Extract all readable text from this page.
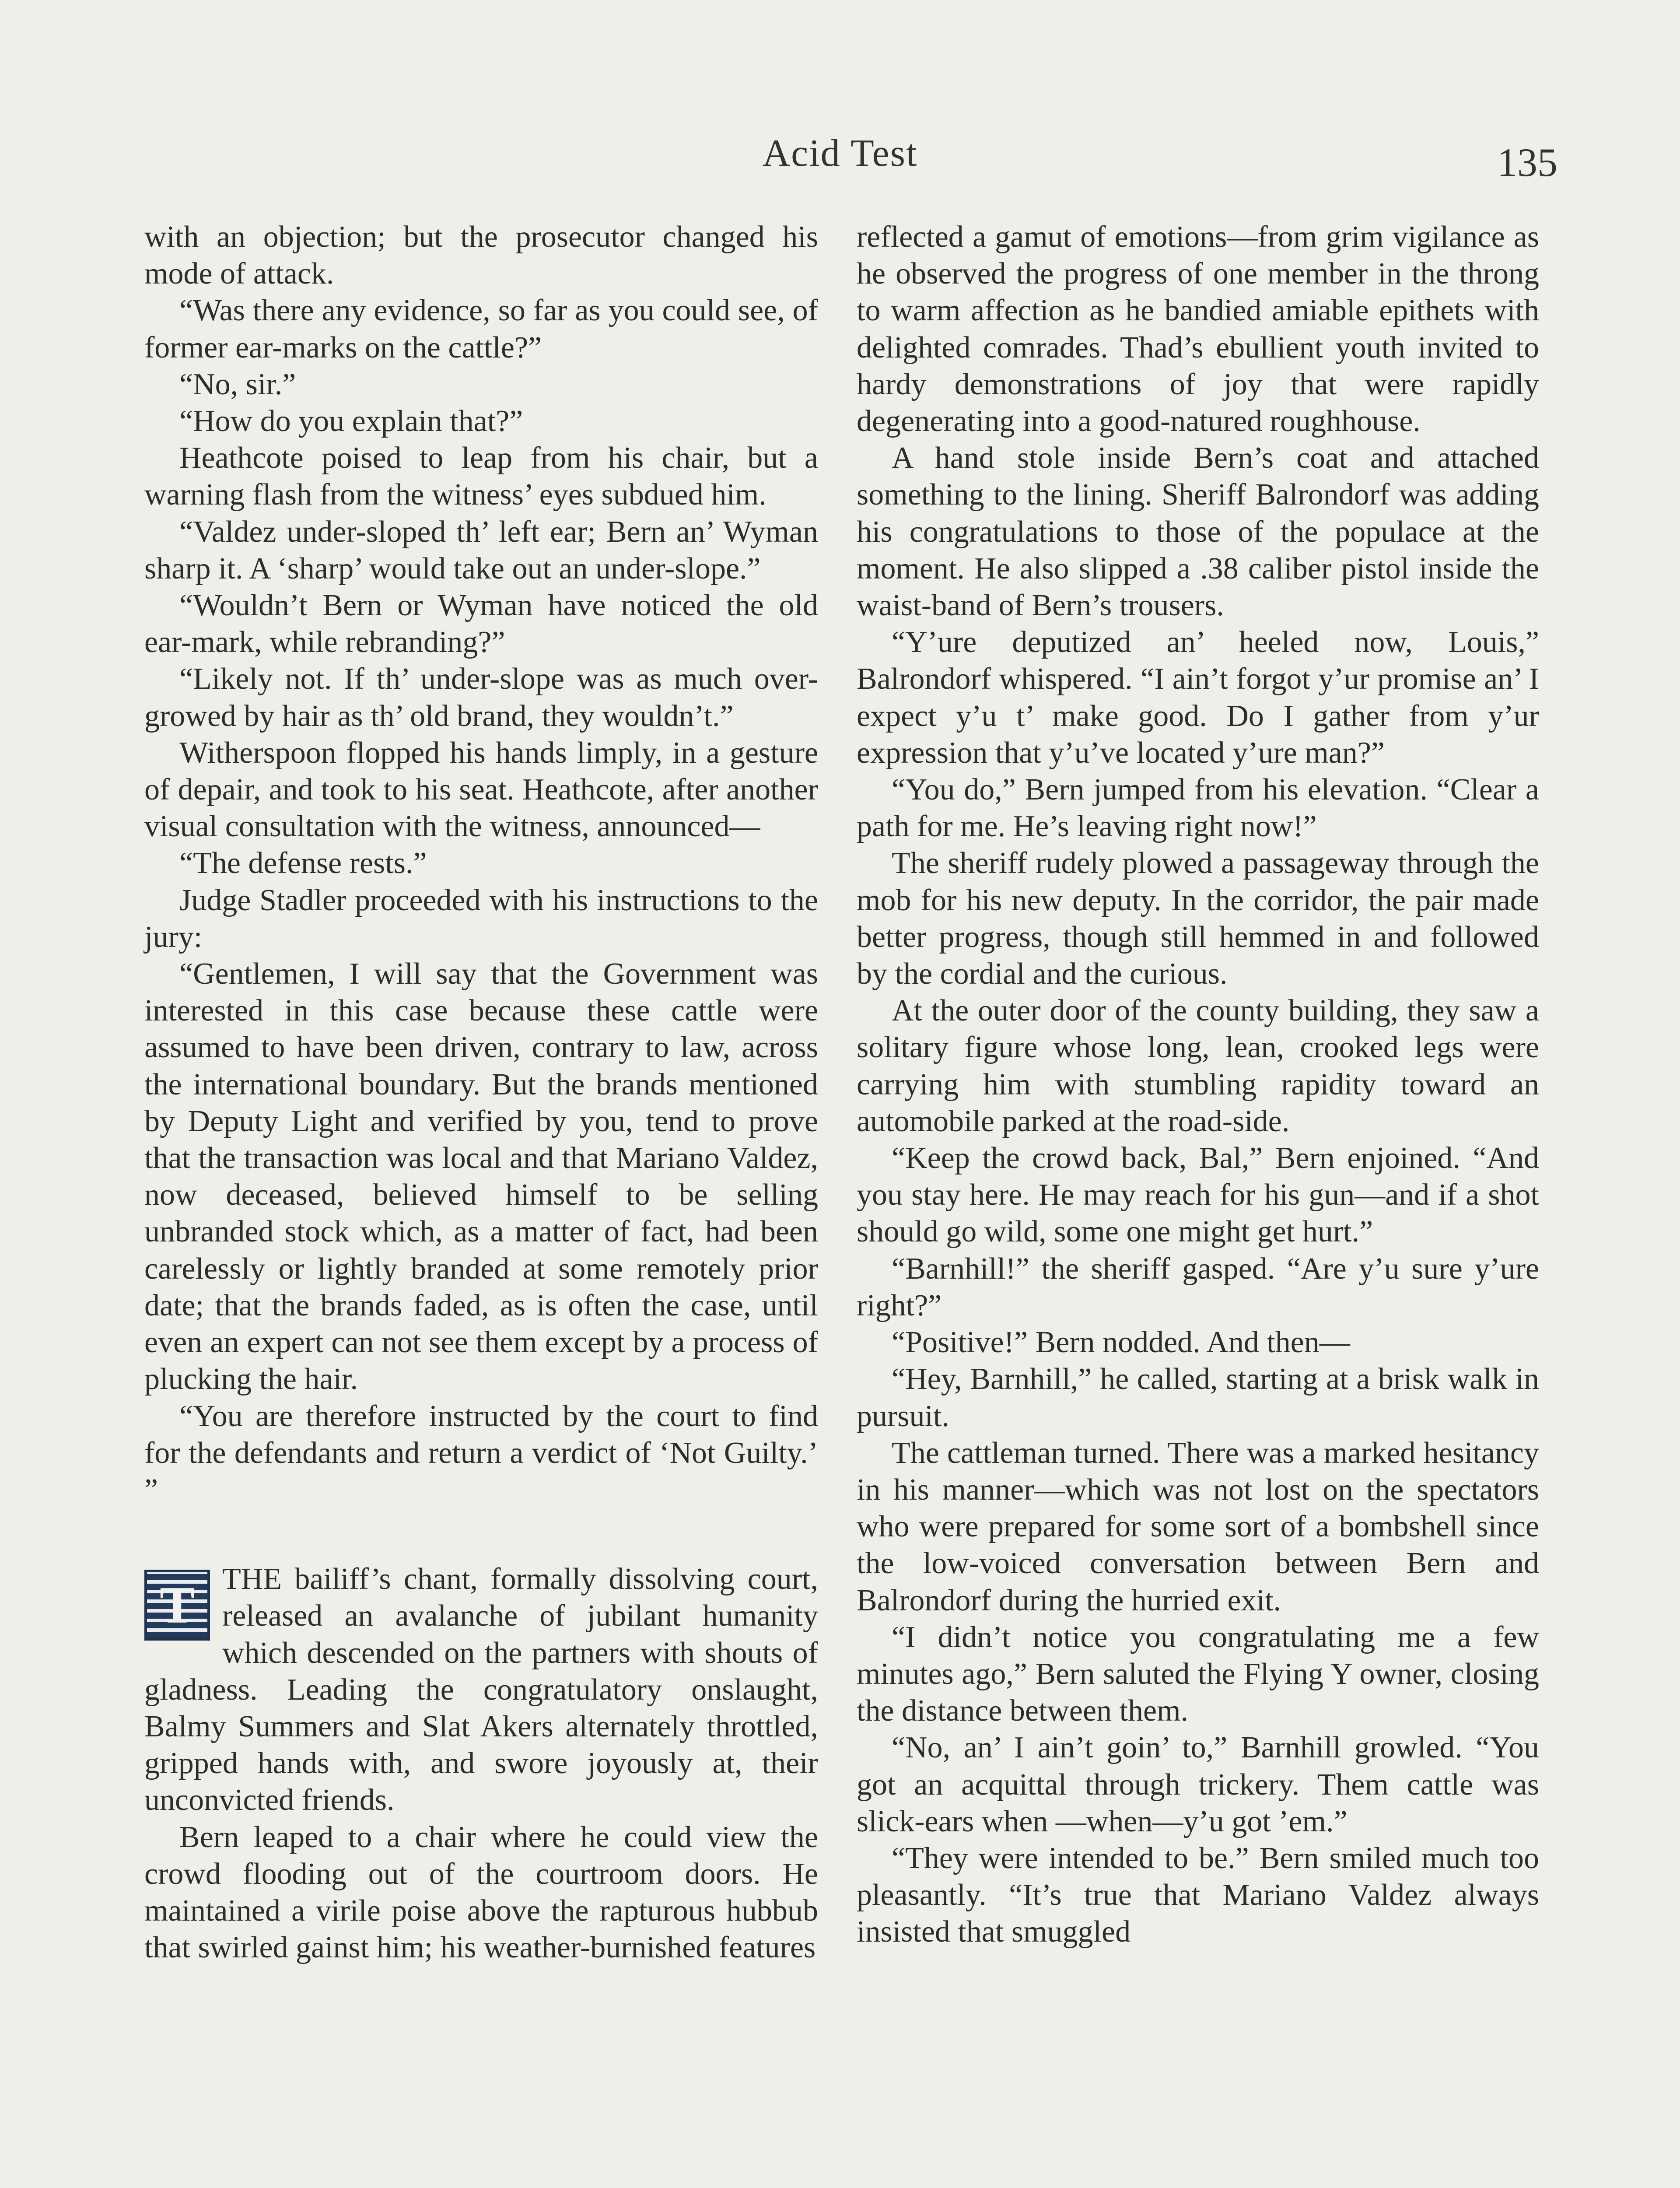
Acid Test	135

with an objection; but the prosecutor changed his mode of attack.

“Was there any evidence, so far as you could see, of former ear-marks on the cattle?”

“No, sir.”

“How do you explain that?”

Heathcote poised to leap from his chair, but a warning flash from the witness’ eyes subdued him.

“Valdez under-sloped th’ left ear; Bern an’ Wyman sharp it. A ‘sharp’ would take out an under-slope.”

“Wouldn’t Bern or Wyman have noticed the old ear-mark, while rebranding?”

“Likely not. If th’ under-slope was as much over-growed by hair as th’ old brand, they wouldn’t.”

Witherspoon flopped his hands limply, in a gesture of depair, and took to his seat. Heathcote, after another visual consultation with the witness, announced—

“The defense rests.”

Judge Stadler proceeded with his instructions to the jury:

“Gentlemen, I will say that the Government was interested in this case because these cattle were assumed to have been driven, contrary to law, across the international boundary. But the brands mentioned by Deputy Light and verified by you, tend to prove that the transaction was local and that Mariano Valdez, now deceased, believed himself to be selling unbranded stock which, as a matter of fact, had been carelessly or lightly branded at some remotely prior date; that the brands faded, as is often the case, until even an expert can not see them except by a process of plucking the hair.

“You are therefore instructed by the court to find for the defendants and return a verdict of ‘Not Guilty.’ ”

T THE bailiff’s chant, formally dissolving court, released an avalanche of jubilant humanity which descended on the partners with shouts of gladness. Leading the congratulatory onslaught, Balmy Summers and Slat Akers alternately throttled, gripped hands with, and swore joyously at, their unconvicted friends.

Bern leaped to a chair where he could view the crowd flooding out of the courtroom doors. He maintained a virile poise above the rapturous hubbub that swirled gainst him; his weather-burnished features

reflected a gamut of emotions—from grim vigilance as he observed the progress of one member in the throng to warm affection as he bandied amiable epithets with delighted comrades. Thad’s ebullient youth invited to hardy demonstrations of joy that were rapidly degenerating into a good-natured roughhouse.

A hand stole inside Bern’s coat and attached something to the lining. Sheriff Balrondorf was adding his congratulations to those of the populace at the moment. He also slipped a .38 caliber pistol inside the waist-band of Bern’s trousers.

“Y’ure deputized an’ heeled now, Louis,” Balrondorf whispered. “I ain’t forgot y’ur promise an’ I expect y’u t’ make good. Do I gather from y’ur expression that y’u’ve located y’ure man?”

“You do,” Bern jumped from his elevation. “Clear a path for me. He’s leaving right now!”

The sheriff rudely plowed a passageway through the mob for his new deputy. In the corridor, the pair made better progress, though still hemmed in and followed by the cordial and the curious.

At the outer door of the county building, they saw a solitary figure whose long, lean, crooked legs were carrying him with stumbling rapidity toward an automobile parked at the road-side.

“Keep the crowd back, Bal,” Bern enjoined. “And you stay here. He may reach for his gun—and if a shot should go wild, some one might get hurt.”

“Barnhill!” the sheriff gasped. “Are y’u sure y’ure right?”

“Positive!” Bern nodded. And then—

“Hey, Barnhill,” he called, starting at a brisk walk in pursuit.

The cattleman turned. There was a marked hesitancy in his manner—which was not lost on the spectators who were prepared for some sort of a bombshell since the low-voiced conversation between Bern and Balrondorf during the hurried exit.

“I didn’t notice you congratulating me a few minutes ago,” Bern saluted the Flying Y owner, closing the distance between them.

“No, an’ I ain’t goin’ to,” Barnhill growled. “You got an acquittal through trickery. Them cattle was slick-ears when —when—y’u got ’em.”

“They were intended to be.” Bern smiled much too pleasantly. “It’s true that Mariano Valdez always insisted that smuggled
